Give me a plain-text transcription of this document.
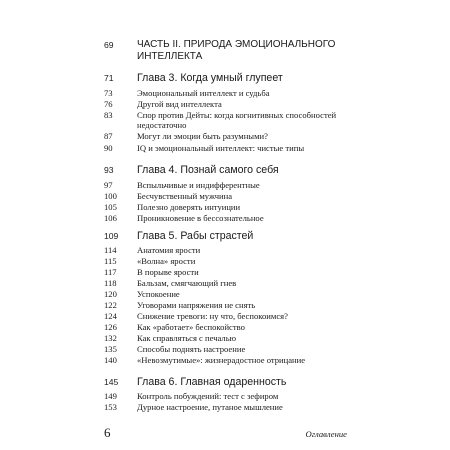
69 ЧАСТЬ II. ПРИРОДА ЭМОЦИОНАЛЬНОГО ИНТЕЛЛЕКТА
71 Глава 3. Когда умный глупеет
73	Эмоциональный интеллект и судьба
76	Другой вид интеллекта
83	Спор против Дейты: когда когнитивных способностей недостаточно
87	Могут ли эмоции быть разумными?
90	IQ и эмоциональный интеллект: чистые типы
93 Глава 4. Познай самого себя
97	Вспыльчивые и индифферентные
100 Бесчувственный мужчина
105 Полезно доверять интуиции
106 Проникновение в бессознательное
109 Глава 5. Рабы страстей
114 Анатомия ярости
115 «Волна» ярости
117 В порыве ярости
118 Бальзам, смягчающий гнев
120 Успокоение
122 Уговорами напряжения не снять
124 Снижение тревоги: ну что, беспокоимся?
126 Как «работает» беспокойство
132 Как справляться с печалью
135 Способы поднять настроение
140 «Невозмутимые»: жизнерадостное отрицание
145 Глава 6. Главная одаренность
149 Контроль побуждений: тест с зефиром
153 Дурное настроение, путаное мышление
6	Оглавление
